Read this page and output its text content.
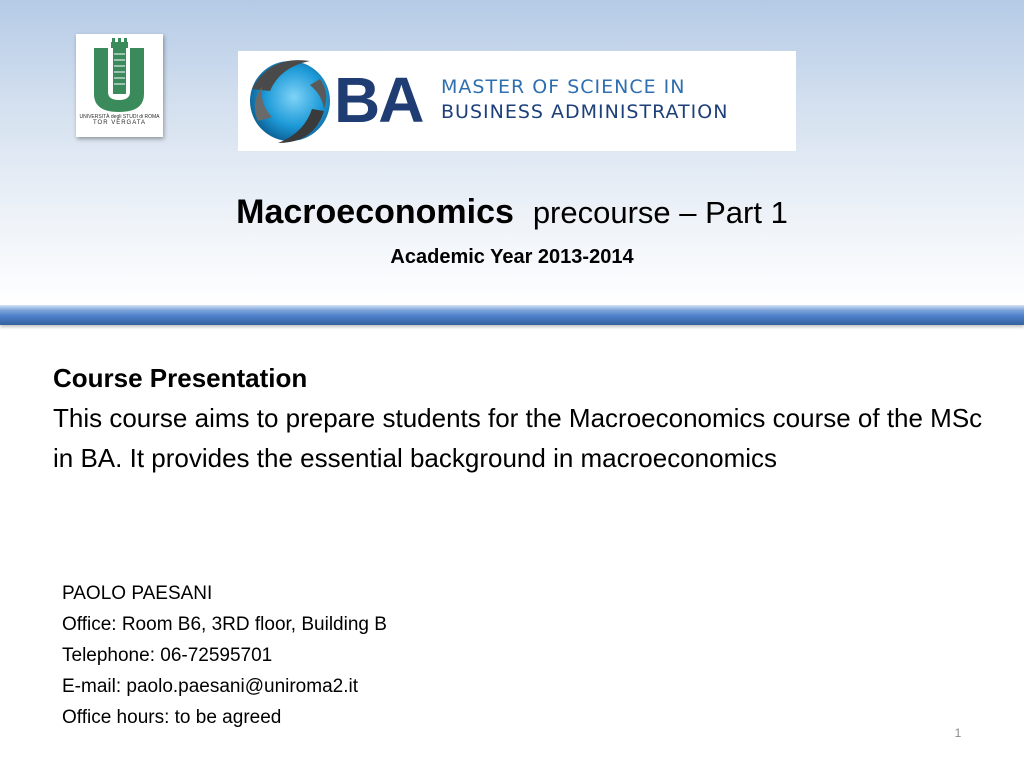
UNIVERSITÀ degli STUDI di ROMA
TOR VERGATA	BA MASTER OF SCIENCE IN
BUSINESS ADMINISTRATION
Macroeconomics precourse – Part 1
Academic Year 2013-2014
Course Presentation
This course aims to prepare students for the Macroeconomics course of the MSc in BA. It provides the essential background in macroeconomics
PAOLO PAESANI
Office: Room B6, 3RD floor, Building B
Telephone: 06-72595701
E-mail: paolo.paesani@uniroma2.it
Office hours: to be agreed
1
